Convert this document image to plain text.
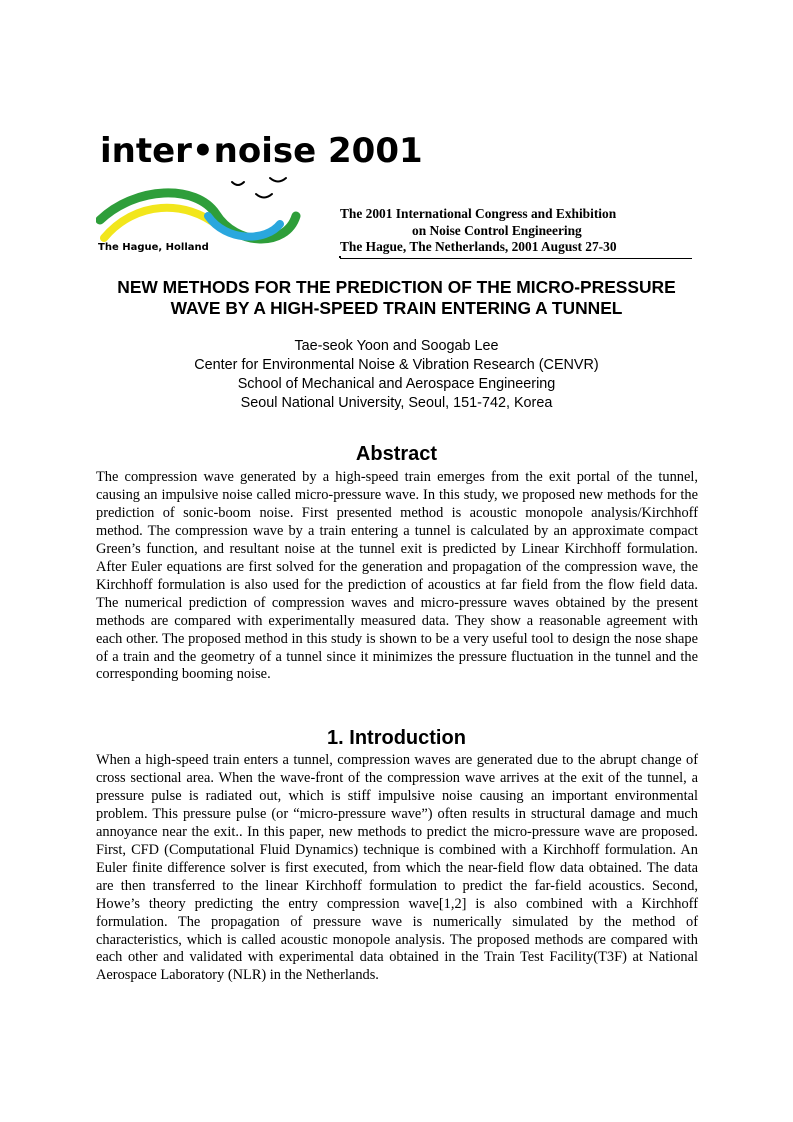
inter•noise 2001
The Hague, Holland
The 2001 International Congress and Exhibition
on Noise Control Engineering
The Hague, The Netherlands, 2001 August 27-30
NEW METHODS FOR THE PREDICTION OF THE MICRO-PRESSURE
WAVE BY A HIGH-SPEED TRAIN ENTERING A TUNNEL
Tae-seok Yoon and Soogab Lee
Center for Environmental Noise & Vibration Research (CENVR)
School of Mechanical and Aerospace Engineering
Seoul National University, Seoul, 151-742, Korea
Abstract
The compression wave generated by a high-speed train emerges from the exit portal of the tunnel, causing an impulsive noise called micro-pressure wave. In this study, we proposed new methods for the prediction of sonic-boom noise. First presented method is acoustic monopole analysis/Kirchhoff method. The compression wave by a train entering a tunnel is calculated by an approximate compact Green’s function, and resultant noise at the tunnel exit is predicted by Linear Kirchhoff formulation. After Euler equations are first solved for the generation and propagation of the compression wave, the Kirchhoff formulation is also used for the prediction of acoustics at far field from the flow field data. The numerical prediction of compression waves and micro-pressure waves obtained by the present methods are compared with experimentally measured data. They show a reasonable agreement with each other. The proposed method in this study is shown to be a very useful tool to design the nose shape of a train and the geometry of a tunnel since it minimizes the pressure fluctuation in the tunnel and the corresponding booming noise.
1. Introduction
When a high-speed train enters a tunnel, compression waves are generated due to the abrupt change of cross sectional area. When the wave-front of the compression wave arrives at the exit of the tunnel, a pressure pulse is radiated out, which is stiff impulsive noise causing an important environmental problem. This pressure pulse (or “micro-pressure wave”) often results in structural damage and much annoyance near the exit.. In this paper, new methods to predict the micro-pressure wave are proposed. First, CFD (Computational Fluid Dynamics) technique is combined with a Kirchhoff formulation. An Euler finite difference solver is first executed, from which the near-field flow data obtained. The data are then transferred to the linear Kirchhoff formulation to predict the far-field acoustics. Second, Howe’s theory predicting the entry compression wave[1,2] is also combined with a Kirchhoff formulation. The propagation of pressure wave is numerically simulated by the method of characteristics, which is called acoustic monopole analysis. The proposed methods are compared with each other and validated with experimental data obtained in the Train Test Facility(T3F) at National Aerospace Laboratory (NLR) in the Netherlands.
